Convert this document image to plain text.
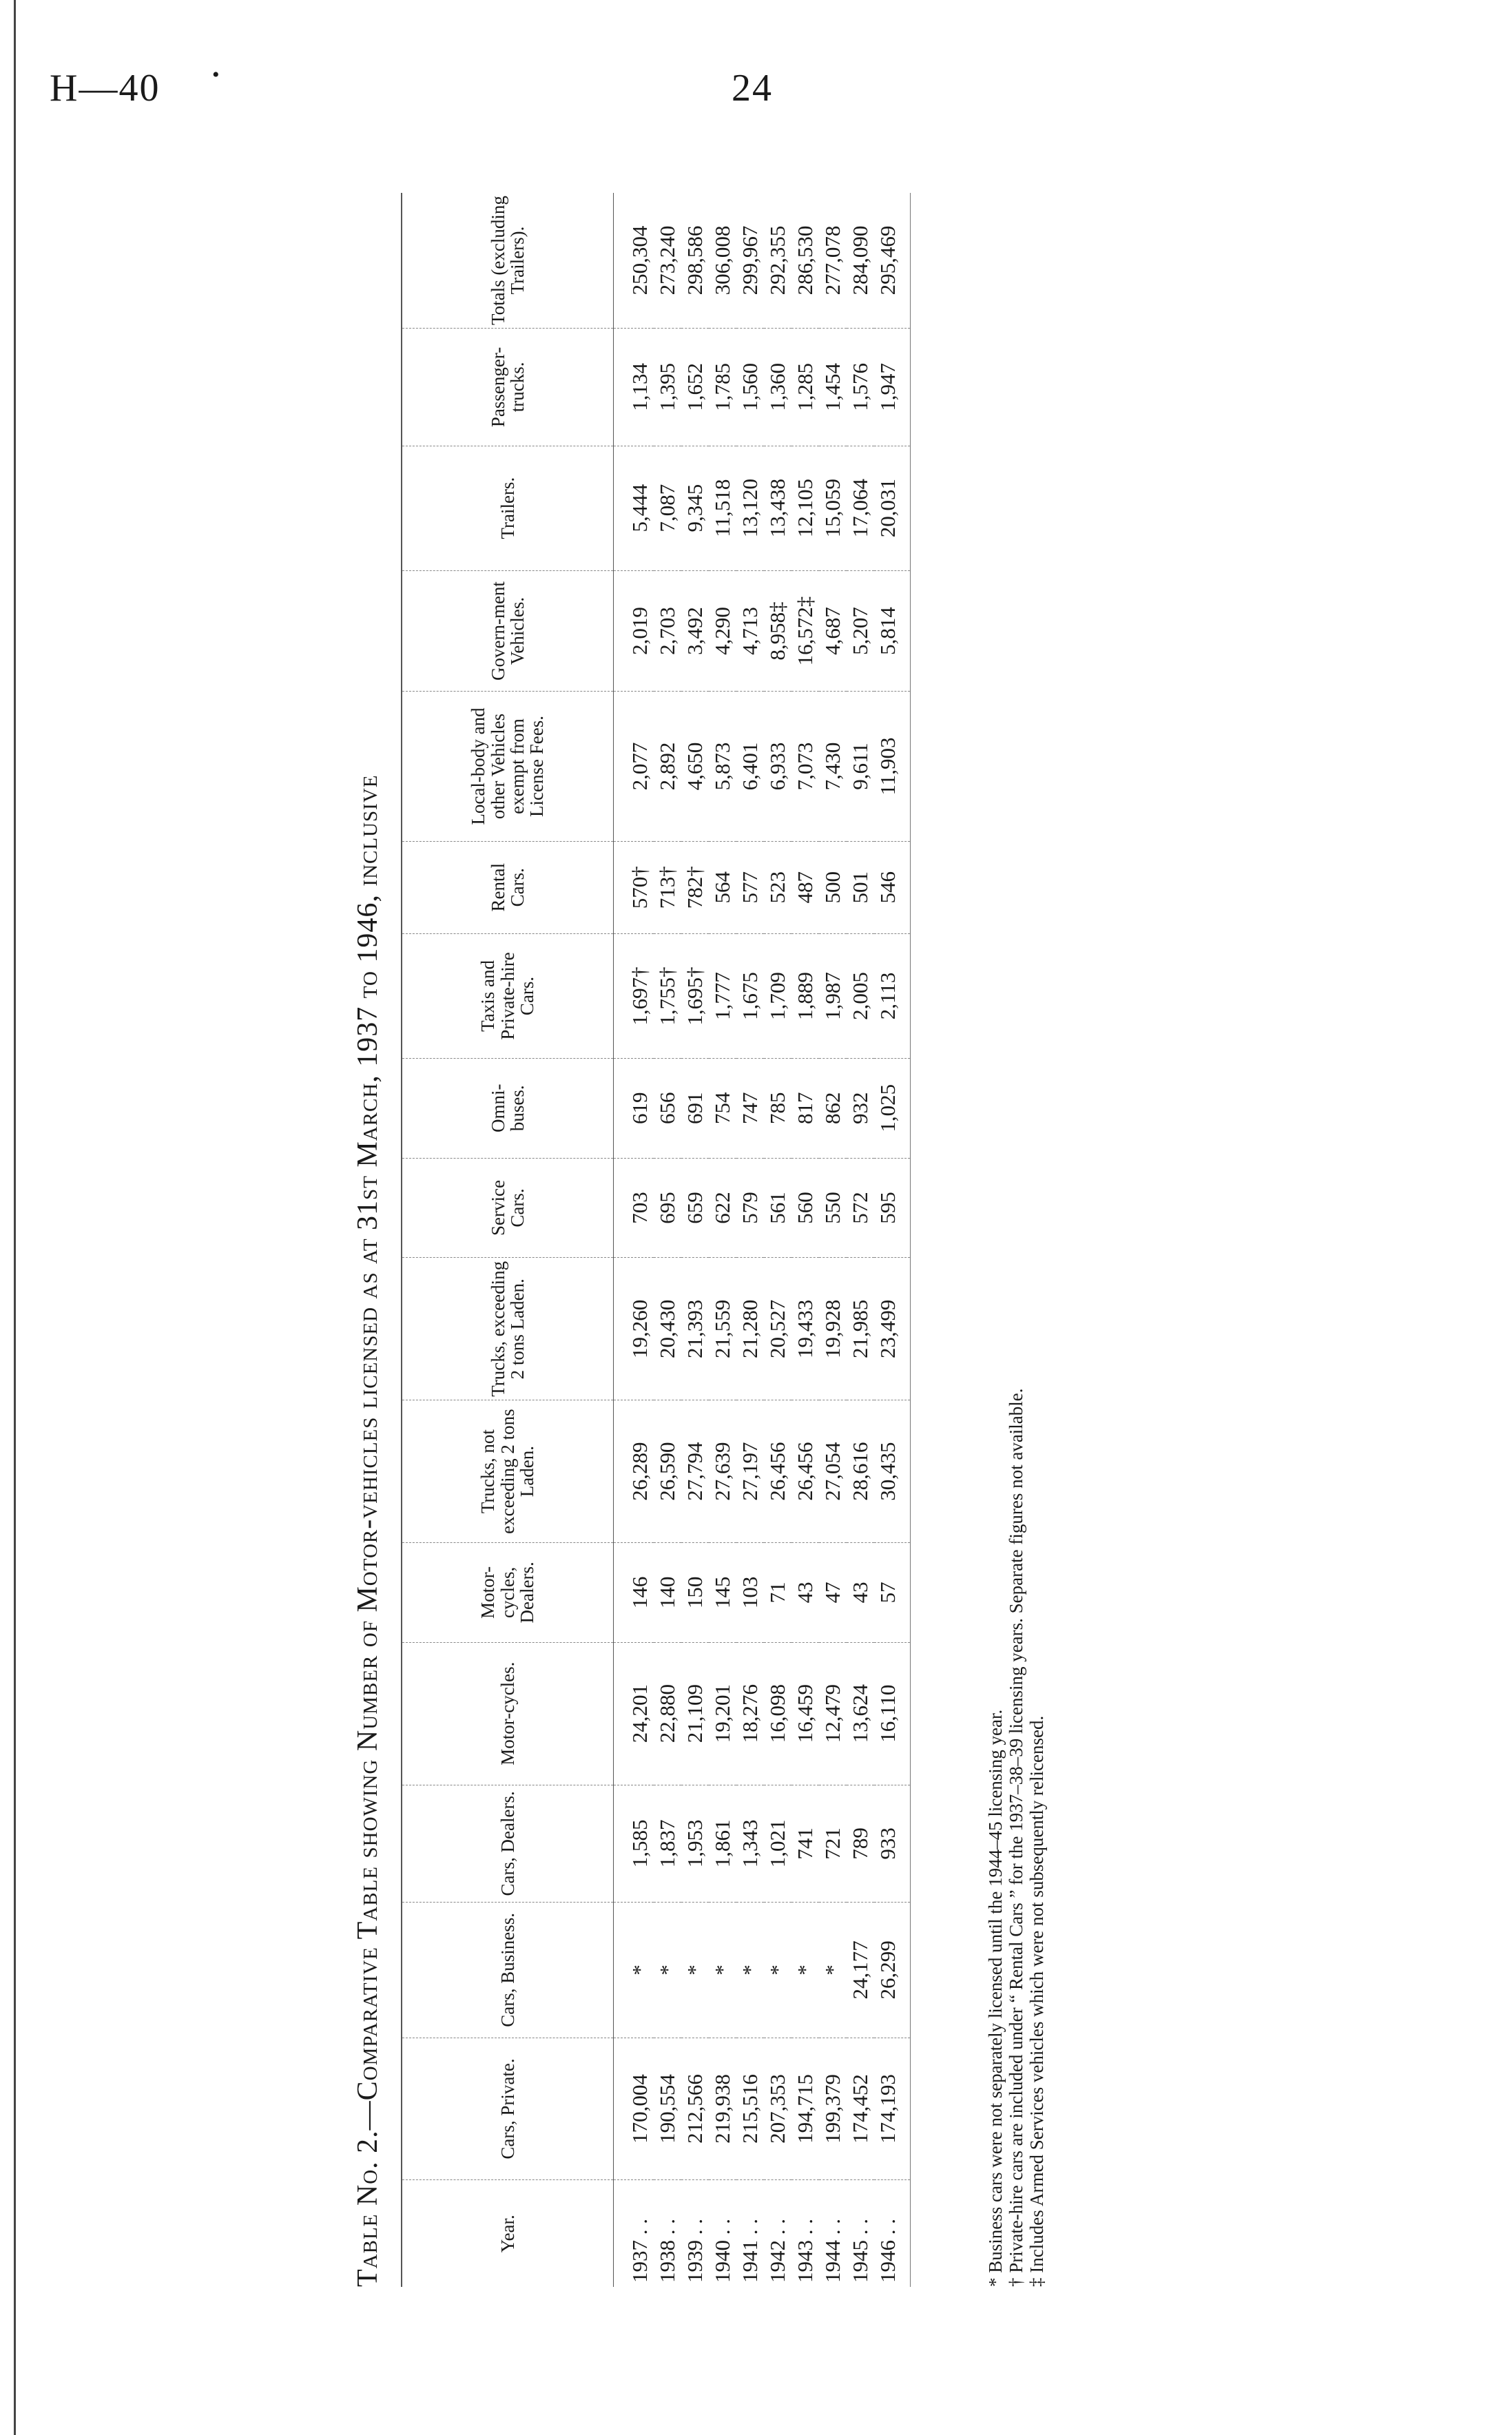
H—40	•	24
Table No. 2.—Comparative Table showing Number of Motor-vehicles licensed as at 31st March, 1937 to 1946, inclusive	Year.	Cars, Private.	Cars, Business.	Cars, Dealers.	Motor-cycles.	Motor-cycles, Dealers.	Trucks, not exceeding 2 tons Laden.	Trucks, exceeding 2 tons Laden.	Service Cars.	Omni-buses.	Taxis and Private-hire Cars.	Rental Cars.	Local-body and other Vehicles exempt from License Fees.	Govern-ment Vehicles.	Trailers.	Passenger-trucks.	Totals (excluding Trailers).
1937 . .	170,004	*	1,585	24,201	146	26,289	19,260	703	619	1,697†	570†	2,077	2,019	5,444	1,134	250,304
1938 . .	190,554	*	1,837	22,880	140	26,590	20,430	695	656	1,755†	713†	2,892	2,703	7,087	1,395	273,240
1939 . .	212,566	*	1,953	21,109	150	27,794	21,393	659	691	1,695†	782†	4,650	3,492	9,345	1,652	298,586
1940 . .	219,938	*	1,861	19,201	145	27,639	21,559	622	754	1,777	564	5,873	4,290	11,518	1,785	306,008
1941 . .	215,516	*	1,343	18,276	103	27,197	21,280	579	747	1,675	577	6,401	4,713	13,120	1,560	299,967
1942 . .	207,353	*	1,021	16,098	71	26,456	20,527	561	785	1,709	523	6,933	8,958‡	13,438	1,360	292,355
1943 . .	194,715	*	741	16,459	43	26,456	19,433	560	817	1,889	487	7,073	16,572‡	12,105	1,285	286,530
1944 . .	199,379	*	721	12,479	47	27,054	19,928	550	862	1,987	500	7,430	4,687	15,059	1,454	277,078
1945 . .	174,452	24,177	789	13,624	43	28,616	21,985	572	932	2,005	501	9,611	5,207	17,064	1,576	284,090
1946 . .	174,193	26,299	933	16,110	57	30,435	23,499	595	1,025	2,113	546	11,903	5,814	20,031	1,947	295,469
* Business cars were not separately licensed until the 1944–45 licensing year. † Private-hire cars are included under “ Rental Cars ” for the 1937–38–39 licensing years. Separate figures not available. ‡ Includes Armed Services vehicles which were not subsequently relicensed.
